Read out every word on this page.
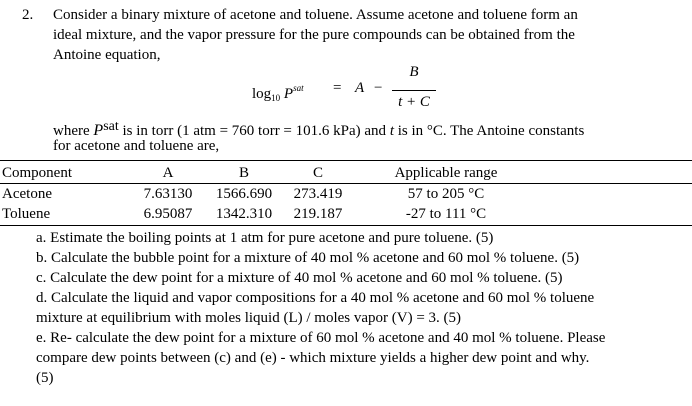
2. Consider a binary mixture of acetone and toluene. Assume acetone and toluene form an
ideal mixture, and the vapor pressure for the pure compounds can be obtained from the
Antoine equation,
$\log_{10} P^{sat} = A$ −
B
t + C
where $P^{sat}$ is in torr (1 atm = 760 torr = 101.6 kPa) and t is in °C. The Antoine constants
for acetone and toluene are,
Component	A	B	C	Applicable range
Acetone	7.63130	1566.690	273.419	57 to 205 °C
Toluene	6.95087	1342.310	219.187	-27 to 111 °C
a. Estimate the boiling points at 1 atm for pure acetone and pure toluene. (5)
b. Calculate the bubble point for a mixture of 40 mol % acetone and 60 mol % toluene. (5)
c. Calculate the dew point for a mixture of 40 mol % acetone and 60 mol % toluene. (5)
d. Calculate the liquid and vapor compositions for a 40 mol % acetone and 60 mol % toluene
mixture at equilibrium with moles liquid (L) / moles vapor (V) = 3. (5)
e. Re- calculate the dew point for a mixture of 60 mol % acetone and 40 mol % toluene. Please
compare dew points between (c) and (e) - which mixture yields a higher dew point and why.
(5)
